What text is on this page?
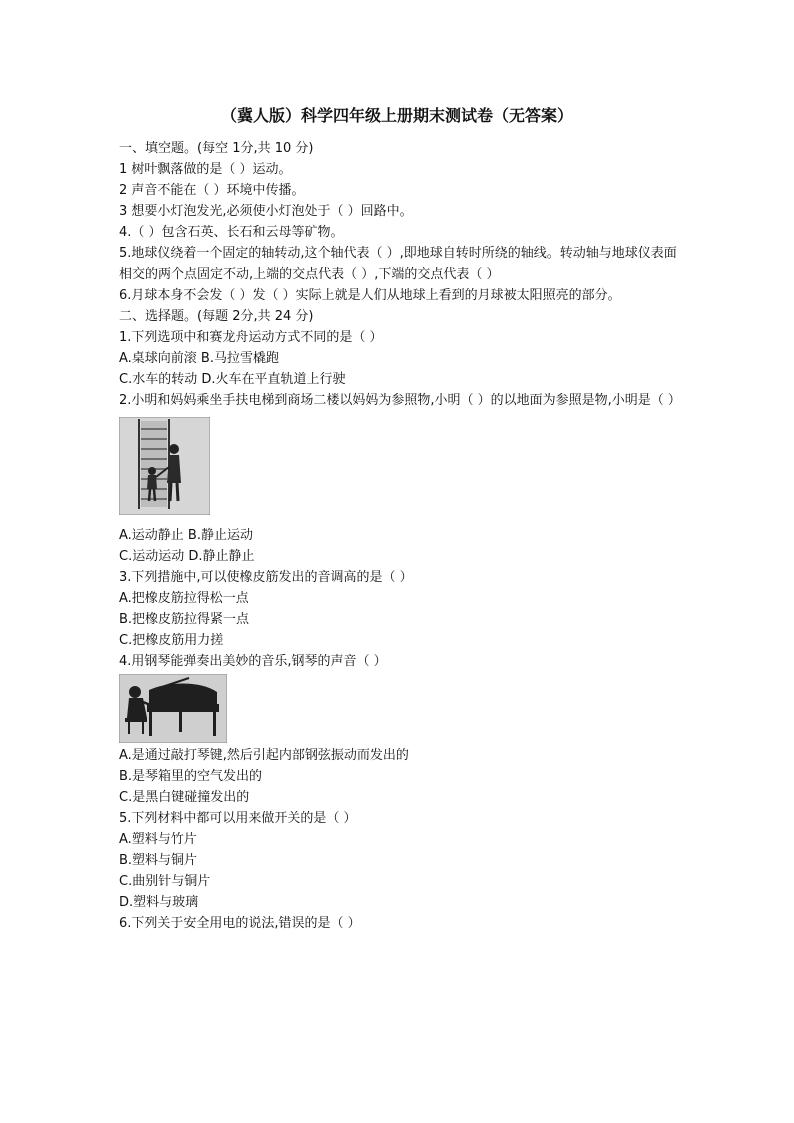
（冀人版）科学四年级上册期末测试卷（无答案）

一、填空题。(每空 1分,共 10 分)

1 树叶飘落做的是（ ）运动。

2 声音不能在（ ）环境中传播。

3 想要小灯泡发光,必须使小灯泡处于（ ）回路中。

4.（ ）包含石英、长石和云母等矿物。

5.地球仪绕着一个固定的轴转动,这个轴代表（ ）,即地球自转时所绕的轴线。转动轴与地球仪表面相交的两个点固定不动,上端的交点代表（ ）,下端的交点代表（ ）

6.月球本身不会发（ ）发（ ）实际上就是人们从地球上看到的月球被太阳照亮的部分。

二、选择题。(每题 2分,共 24 分)

1.下列选项中和赛龙舟运动方式不同的是（ ）

A.桌球向前滚 B.马拉雪橇跑

C.水车的转动 D.火车在平直轨道上行驶

2.小明和妈妈乘坐手扶电梯到商场二楼以妈妈为参照物,小明（ ）的以地面为参照是物,小明是（ ）

A.运动静止 B.静止运动

C.运动运动 D.静止静止

3.下列措施中,可以使橡皮筋发出的音调高的是（ ）

A.把橡皮筋拉得松一点

B.把橡皮筋拉得紧一点

C.把橡皮筋用力搓

4.用钢琴能弹奏出美妙的音乐,钢琴的声音（ ）

A.是通过敲打琴键,然后引起内部钢弦振动而发出的

B.是琴箱里的空气发出的

C.是黑白键碰撞发出的

5.下列材料中都可以用来做开关的是（ ）

A.塑料与竹片

B.塑料与铜片

C.曲别针与铜片

D.塑料与玻璃

6.下列关于安全用电的说法,错误的是（ ）
